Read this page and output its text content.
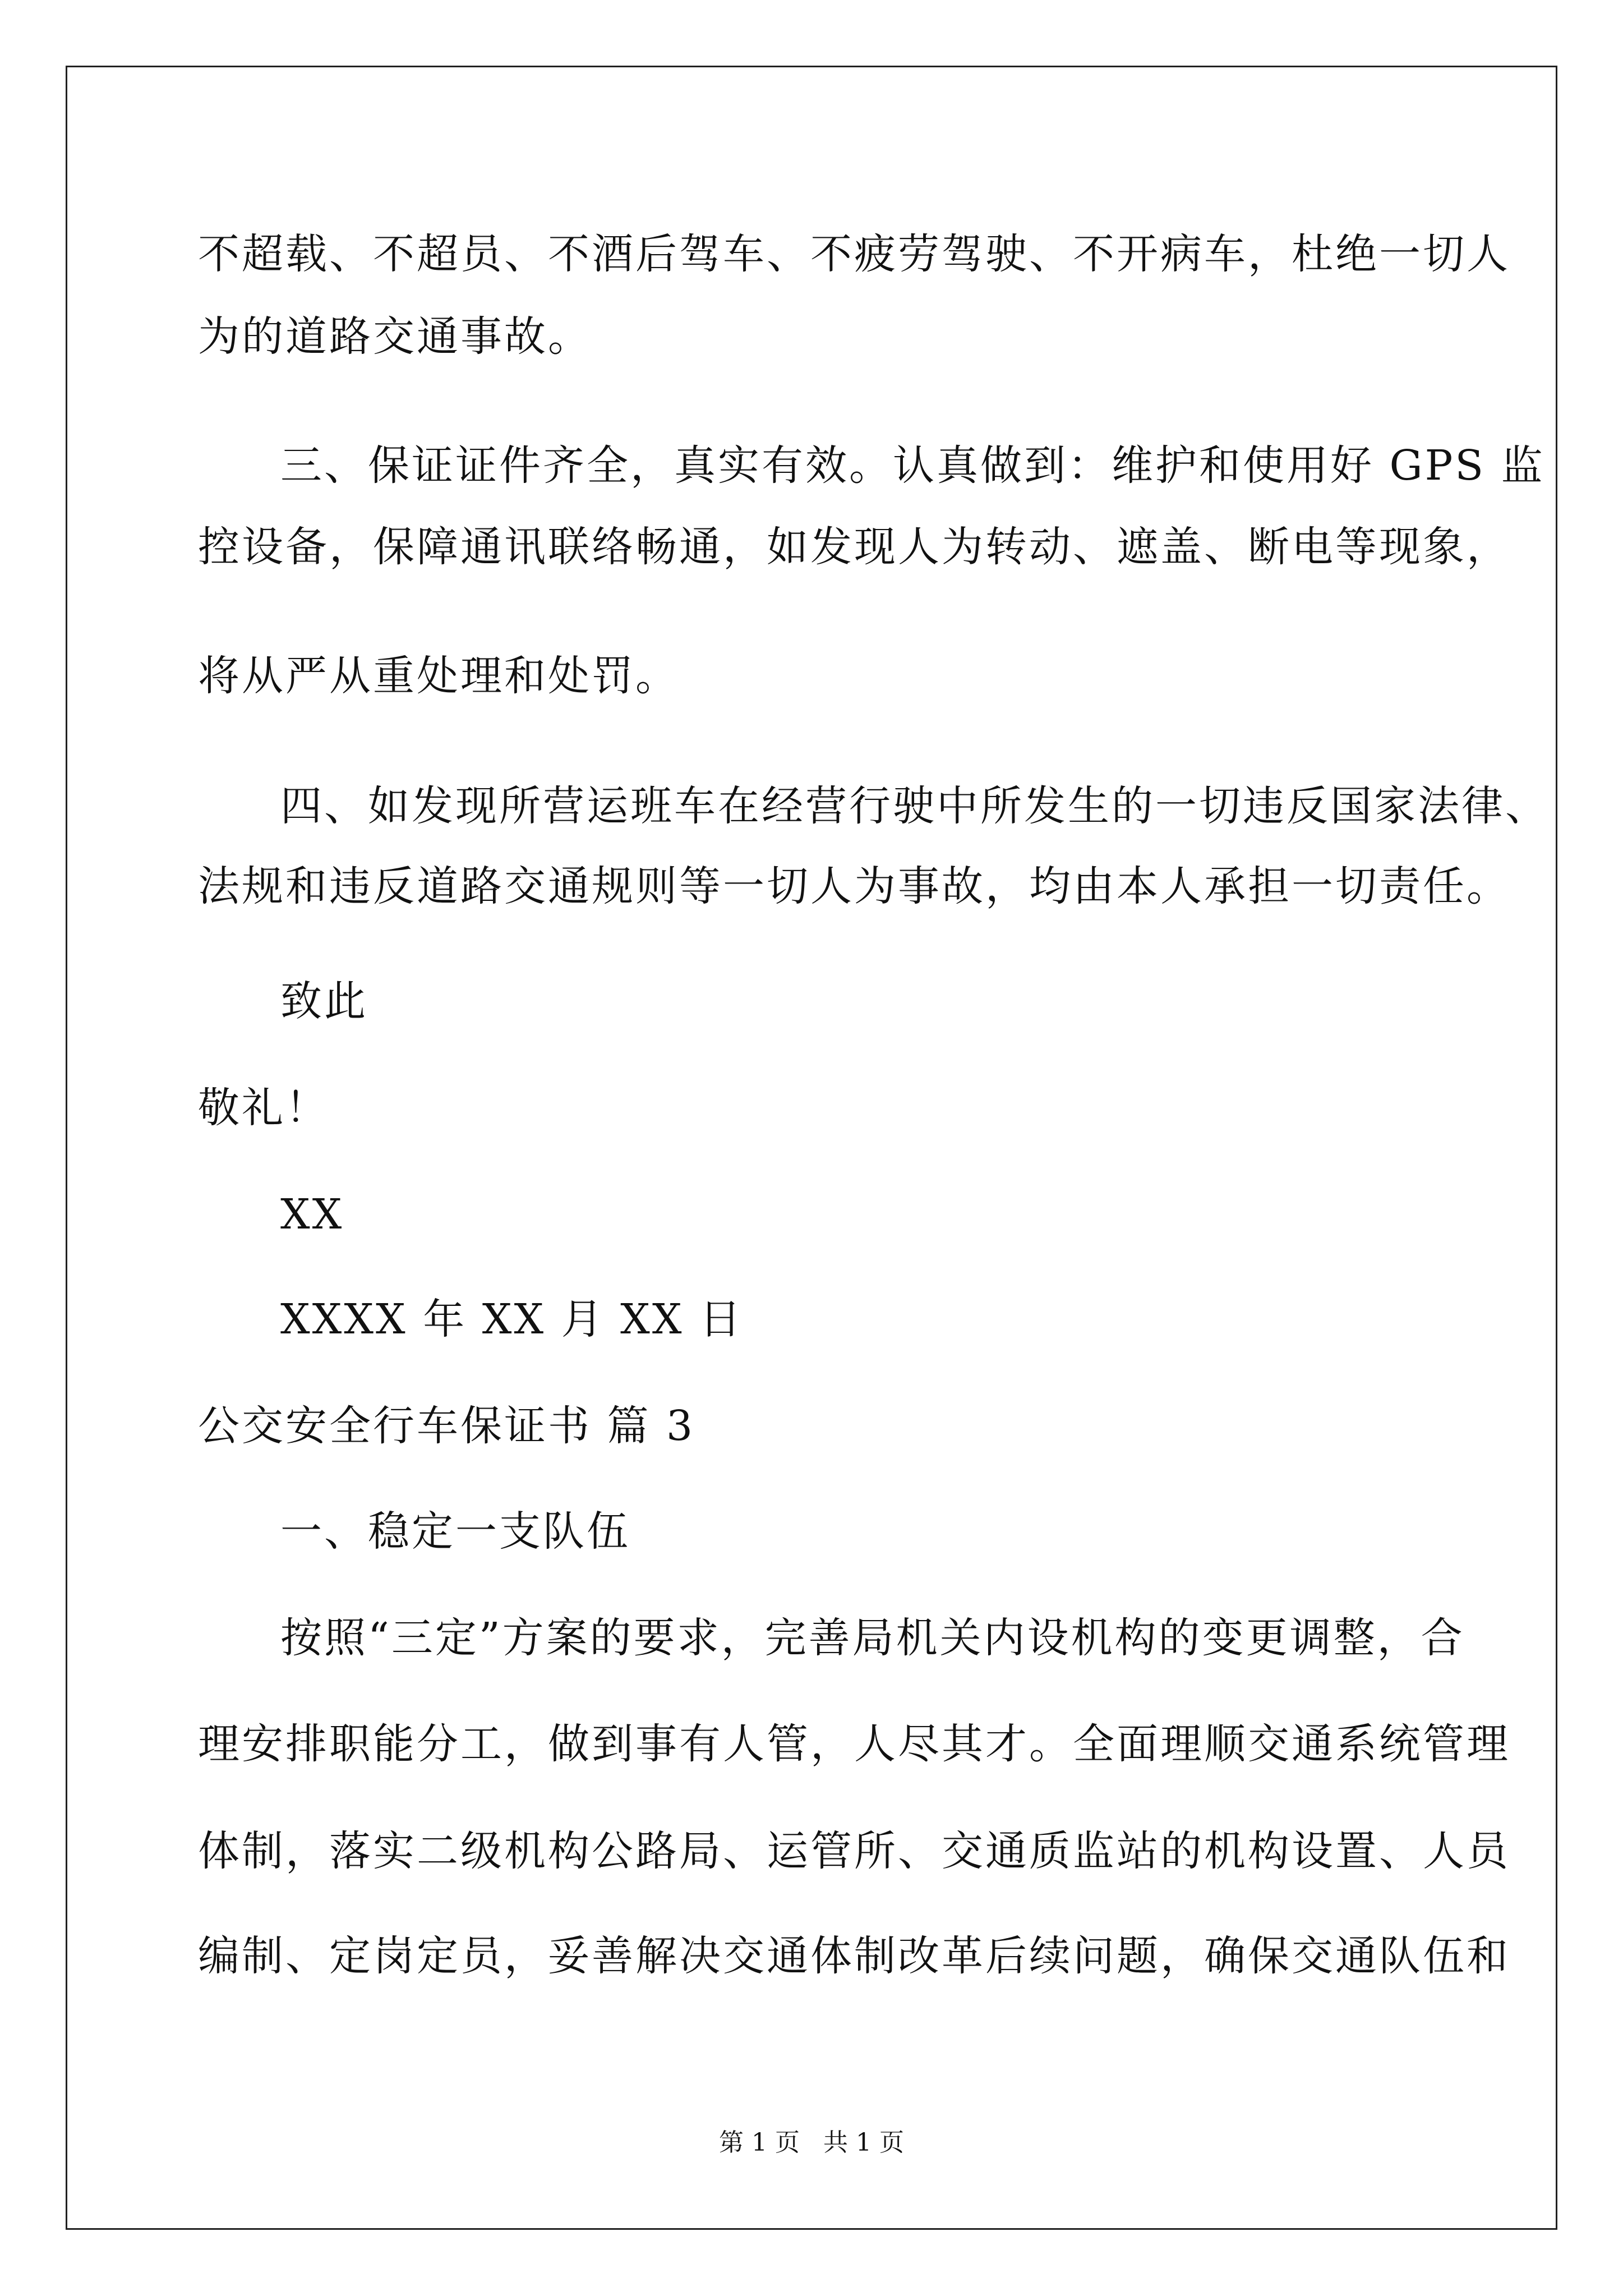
不超载、不超员、不酒后驾车、不疲劳驾驶、不开病车，杜绝一切人
为的道路交通事故。
三、保证证件齐全，真实有效。认真做到：维护和使用好 GPS 监
控设备，保障通讯联络畅通，如发现人为转动、遮盖、断电等现象，
将从严从重处理和处罚。
四、如发现所营运班车在经营行驶中所发生的一切违反国家法律、
法规和违反道路交通规则等一切人为事故，均由本人承担一切责任。
致此
敬礼！
XX
XXXX 年 XX 月 XX 日
公交安全行车保证书 篇 3
一、稳定一支队伍
按照“三定”方案的要求，完善局机关内设机构的变更调整，合
理安排职能分工，做到事有人管，人尽其才。全面理顺交通系统管理
体制，落实二级机构公路局、运管所、交通质监站的机构设置、人员
编制、定岗定员，妥善解决交通体制改革后续问题，确保交通队伍和
第 1 页 共 1 页
